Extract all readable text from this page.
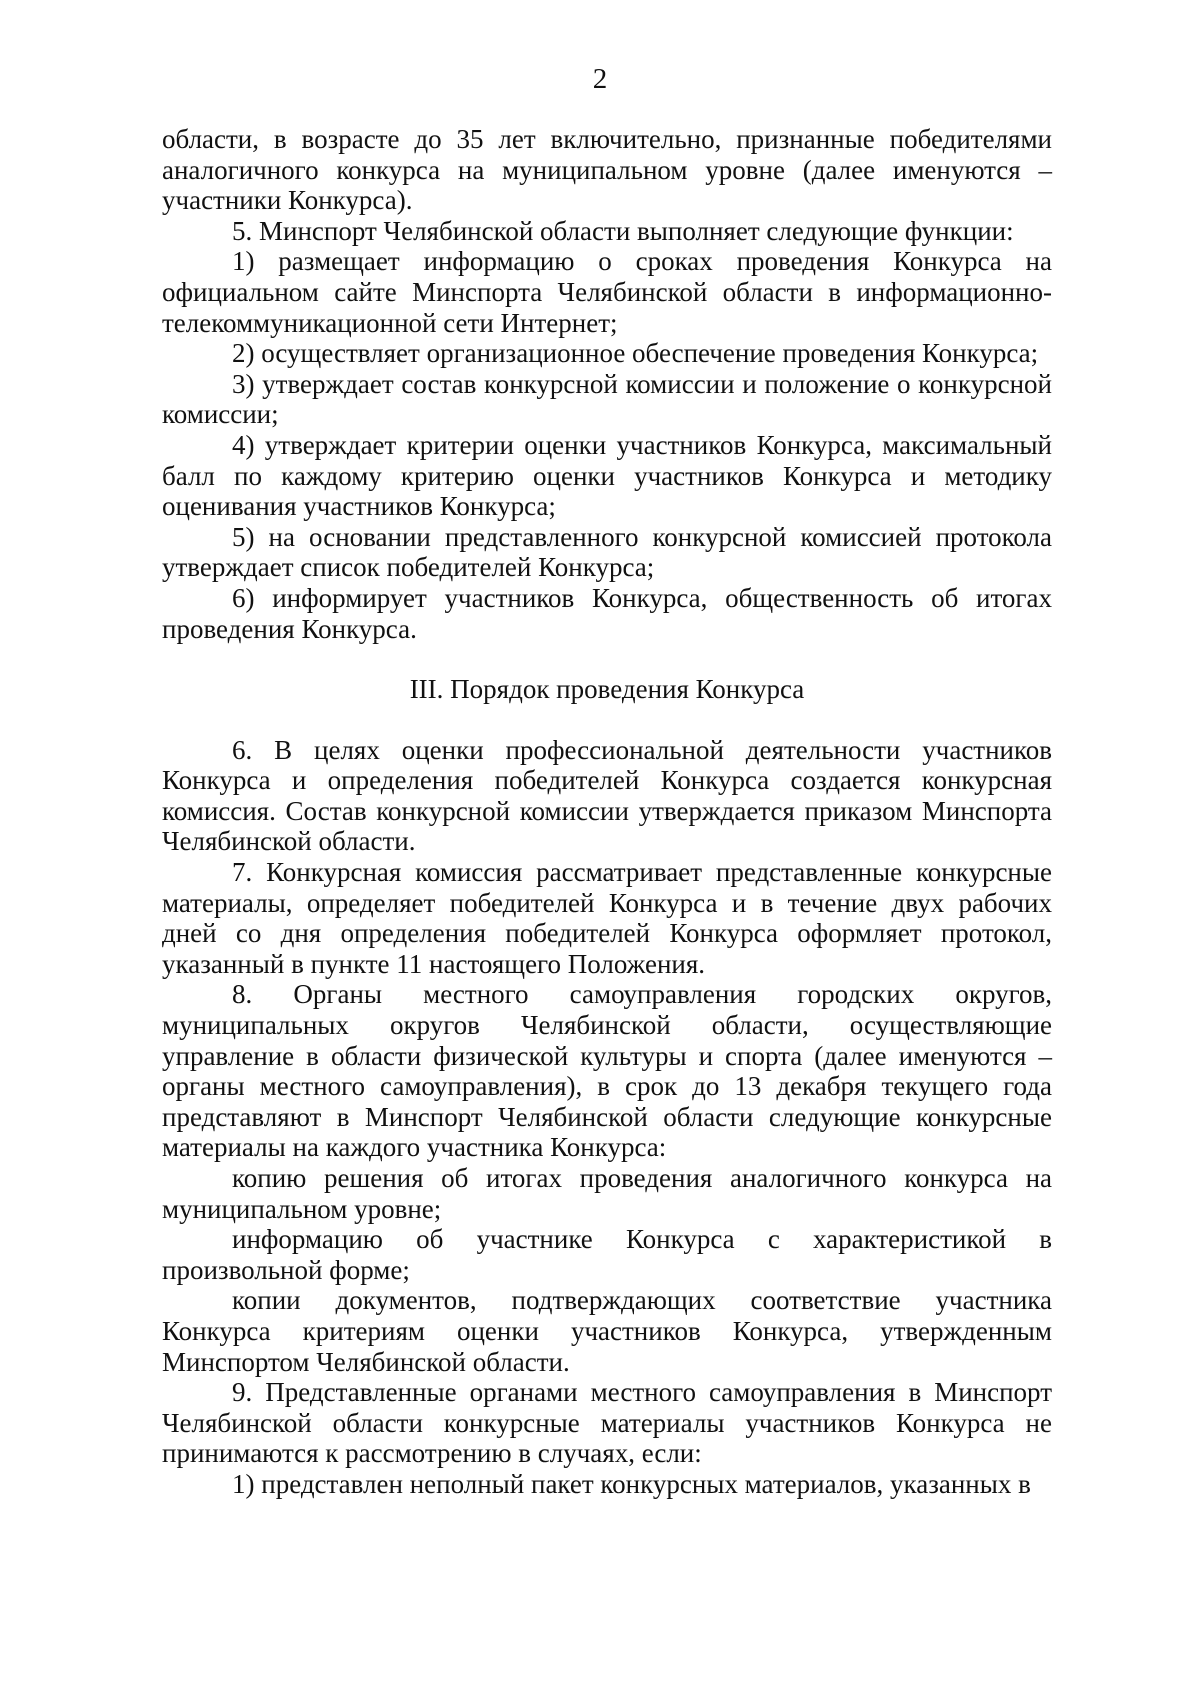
2

области, в возрасте до 35 лет включительно, признанные победителями аналогичного конкурса на муниципальном уровне (далее именуются – участники Конкурса).

5. Минспорт Челябинской области выполняет следующие функции:

1) размещает информацию о сроках проведения Конкурса на официальном сайте Минспорта Челябинской области в информационно-телекоммуникационной сети Интернет;

2) осуществляет организационное обеспечение проведения Конкурса;

3) утверждает состав конкурсной комиссии и положение о конкурсной комиссии;

4) утверждает критерии оценки участников Конкурса, максимальный балл по каждому критерию оценки участников Конкурса и методику оценивания участников Конкурса;

5) на основании представленного конкурсной комиссией протокола утверждает список победителей Конкурса;

6) информирует участников Конкурса, общественность об итогах проведения Конкурса.

III. Порядок проведения Конкурса

6. В целях оценки профессиональной деятельности участников Конкурса и определения победителей Конкурса создается конкурсная комиссия. Состав конкурсной комиссии утверждается приказом Минспорта Челябинской области.

7. Конкурсная комиссия рассматривает представленные конкурсные материалы, определяет победителей Конкурса и в течение двух рабочих дней со дня определения победителей Конкурса оформляет протокол, указанный в пункте 11 настоящего Положения.

8. Органы местного самоуправления городских округов, муниципальных округов Челябинской области, осуществляющие управление в области физической культуры и спорта (далее именуются – органы местного самоуправления), в срок до 13 декабря текущего года представляют в Минспорт Челябинской области следующие конкурсные материалы на каждого участника Конкурса:

копию решения об итогах проведения аналогичного конкурса на муниципальном уровне;

информацию об участнике Конкурса с характеристикой в произвольной форме;

копии документов, подтверждающих соответствие участника Конкурса критериям оценки участников Конкурса, утвержденным Минспортом Челябинской области.

9. Представленные органами местного самоуправления в Минспорт Челябинской области конкурсные материалы участников Конкурса не принимаются к рассмотрению в случаях, если:

1) представлен неполный пакет конкурсных материалов, указанных в
